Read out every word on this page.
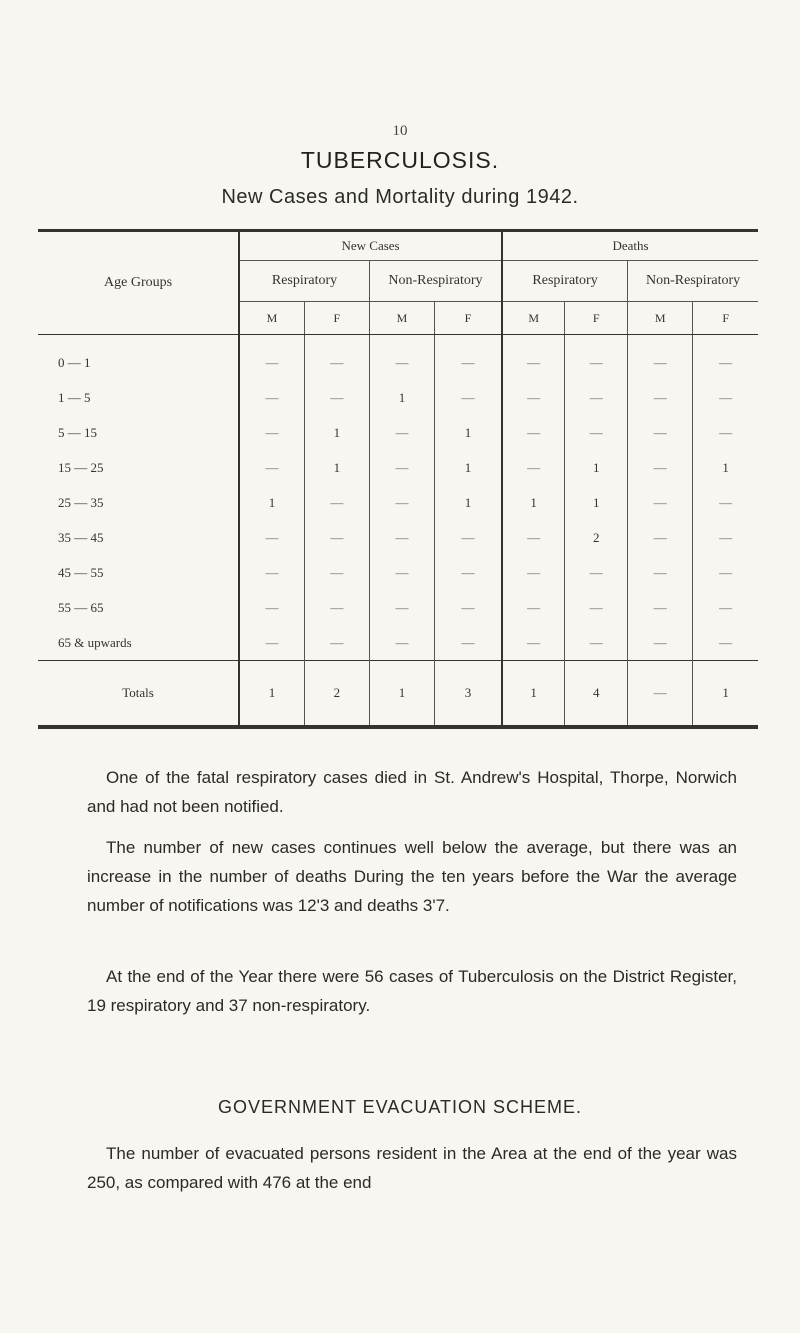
10
TUBERCULOSIS.
New Cases and Mortality during 1942.
Age Groups	New Cases				Deaths			
	Respiratory		Non-Respiratory		Respiratory		Non-Respiratory	
	M	F	M	F	M	F	M	F
0 — 1	—	—	—	—	—	—	—	—
1 — 5	—	—	1	—	—	—	—	—
5 — 15	—	1	—	1	—	—	—	—
15 — 25	—	1	—	1	—	1	—	1
25 — 35	1	—	—	1	1	1	—	—
35 — 45	—	—	—	—	—	2	—	—
45 — 55	—	—	—	—	—	—	—	—
55 — 65	—	—	—	—	—	—	—	—
65 & upwards	—	—	—	—	—	—	—	—
Totals	1	2	1	3	1	4	—	1
One of the fatal respiratory cases died in St. Andrew's Hospital, Thorpe, Norwich and had not been notified.
The number of new cases continues well below the average, but there was an increase in the number of deaths During the ten years before the War the average number of notifications was 12'3 and deaths 3'7.
At the end of the Year there were 56 cases of Tuberculosis on the District Register, 19 respiratory and 37 non-respiratory.
GOVERNMENT EVACUATION SCHEME.
The number of evacuated persons resident in the Area at the end of the year was 250, as compared with 476 at the end
